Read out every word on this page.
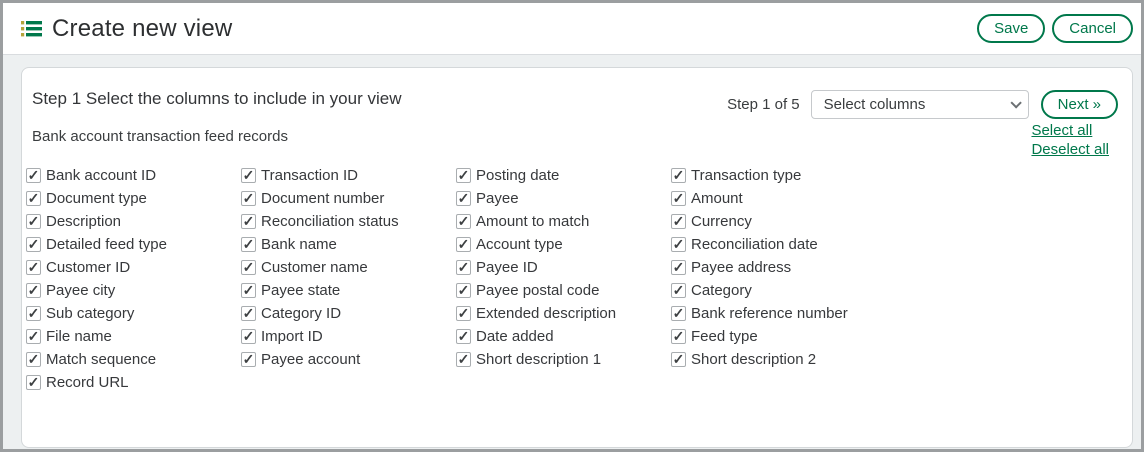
Create new view	Save	Cancel
Step 1 Select the columns to include in your view	Step 1 of 5 Select columns	Next »
Bank account transaction feed records	Select all
Deselect all
✓ Bank account ID
✓ Document type
✓ Description
✓ Detailed feed type
✓ Customer ID
✓ Payee city
✓ Sub category
✓ File name
✓ Match sequence
✓ Record URL
✓ Transaction ID
✓ Document number
✓ Reconciliation status
✓ Bank name
✓ Customer name
✓ Payee state
✓ Category ID
✓ Import ID
✓ Payee account
✓ Posting date
✓ Payee
✓ Amount to match
✓ Account type
✓ Payee ID
✓ Payee postal code
✓ Extended description
✓ Date added
✓ Short description 1
✓ Transaction type
✓ Amount
✓ Currency
✓ Reconciliation date
✓ Payee address
✓ Category
✓ Bank reference number
✓ Feed type
✓ Short description 2
